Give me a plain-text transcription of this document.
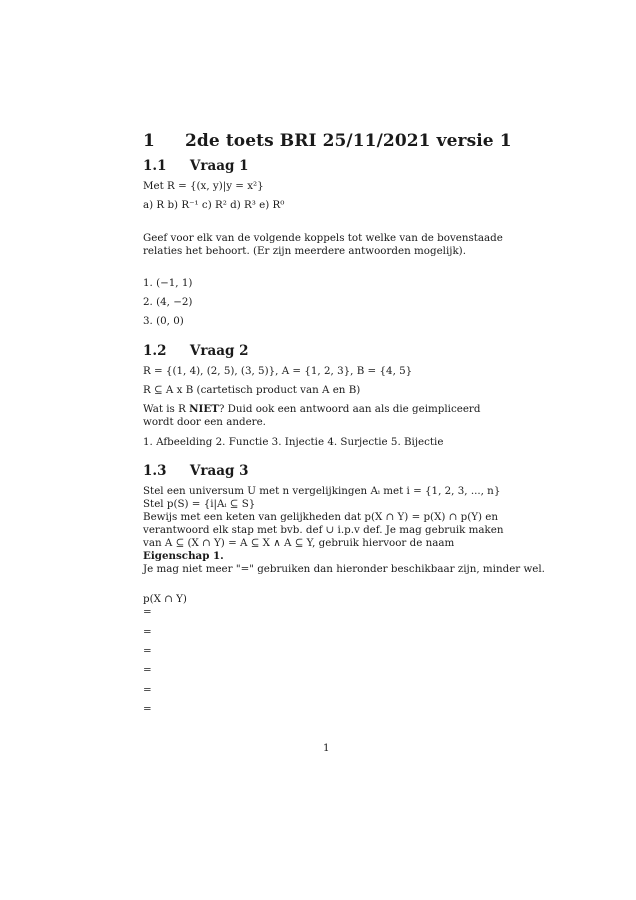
1 2de toets BRI 25/11/2021 versie 1
1.1 Vraag 1
Met R = {(x, y)|y = x²}
a) R b) R⁻¹ c) R² d) R³ e) R⁰
Geef voor elk van de volgende koppels tot welke van de bovenstaade relaties het behoort. (Er zijn meerdere antwoorden mogelijk).
1. (−1, 1)
2. (4, −2)
3. (0, 0)
1.2 Vraag 2
R = {(1, 4), (2, 5), (3, 5)}, A = {1, 2, 3}, B = {4, 5}
R ⊆ A x B (cartetisch product van A en B)
Wat is R NIET? Duid ook een antwoord aan als die geimpliceerd wordt door een andere.
1. Afbeelding 2. Functie 3. Injectie 4. Surjectie 5. Bijectie
1.3 Vraag 3
Stel een universum U met n vergelijkingen Aᵢ met i = {1, 2, 3, ..., n}
Stel p(S) = {i|Aᵢ ⊆ S}
Bewijs met een keten van gelijkheden dat p(X ∩ Y) = p(X) ∩ p(Y) en verantwoord elk stap met bvb. def ∪ i.p.v def. Je mag gebruik maken van A ⊆ (X ∩ Y) = A ⊆ X ∧ A ⊆ Y, gebruik hiervoor de naam Eigenschap 1.
Je mag niet meer "=" gebruiken dan hieronder beschikbaar zijn, minder wel.
p(X ∩ Y)
=
=
=
=
=
=
1
